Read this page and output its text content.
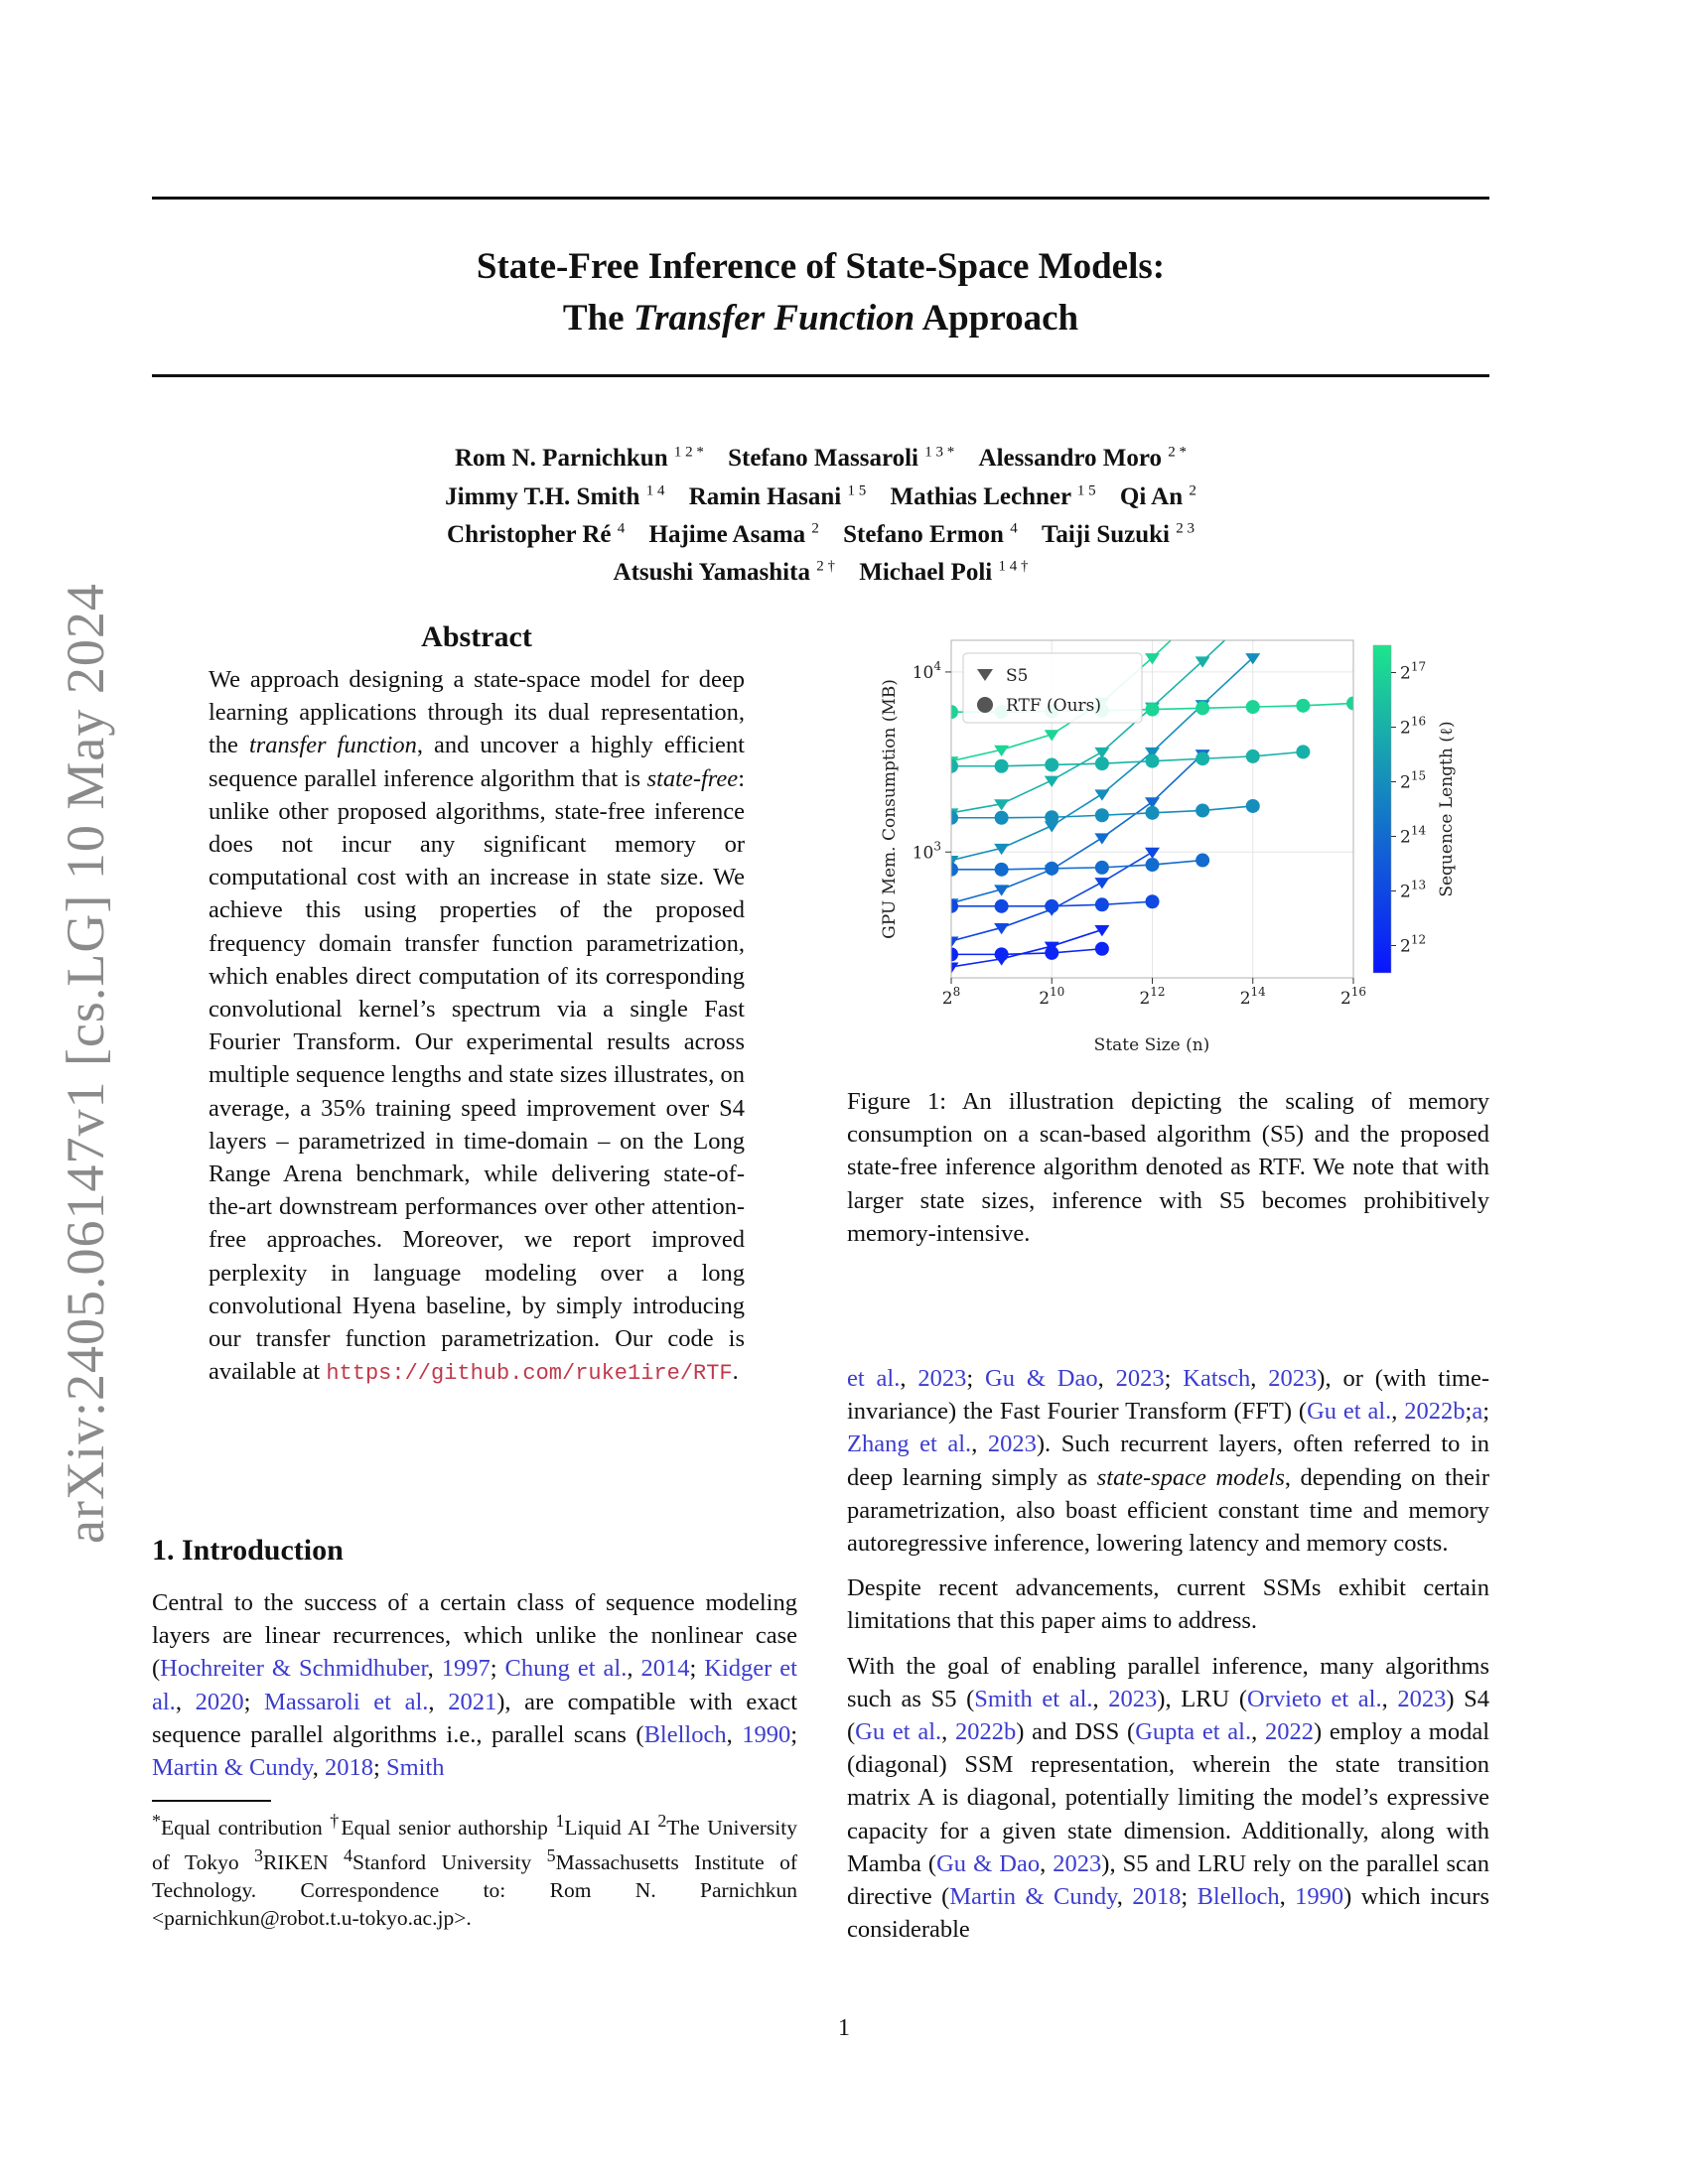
State-Free Inference of State-Space Models:
The Transfer Function Approach
Rom N. Parnichkun $^{1 2 *}$ Stefano Massaroli $^{1 3 *}$ Alessandro Moro $^{2 *}$
Jimmy T.H. Smith $^{1 4}$ Ramin Hasani $^{1 5}$ Mathias Lechner $^{1 5}$ Qi An $^2$
Christopher Ré $^4$ Hajime Asama $^2$ Stefano Ermon $^4$ Taiji Suzuki $^{2 3}$
Atsushi Yamashita $^{2 \dagger}$ Michael Poli $^{1 4 \dagger}$
arXiv:2405.06147v1 [cs.LG] 10 May 2024	Abstract
We approach designing a state-space model for deep learning applications through its dual representation, the transfer function, and uncover a highly efficient sequence parallel inference algorithm that is state-free: unlike other proposed algorithms, state-free inference does not incur any significant memory or computational cost with an increase in state size. We achieve this using properties of the proposed frequency domain transfer function parametrization, which enables direct computation of its corresponding convolutional kernel’s spectrum via a single Fast Fourier Transform. Our experimental results across multiple sequence lengths and state sizes illustrates, on average, a 35% training speed improvement over S4 layers – parametrized in time-domain – on the Long Range Arena benchmark, while delivering state-of-the-art downstream performances over other attention-free approaches. Moreover, we report improved perplexity in language modeling over a long convolutional Hyena baseline, by simply introducing our transfer function parametrization. Our code is available at https://github.com/ruke1ire/RTF.
1. Introduction

Central to the success of a certain class of sequence modeling layers are linear recurrences, which unlike the nonlinear case (Hochreiter & Schmidhuber, 1997; Chung et al., 2014; Kidger et al., 2020; Massaroli et al., 2021), are compatible with exact sequence parallel algorithms i.e., parallel scans (Blelloch, 1990; Martin & Cundy, 2018; Smith

*Equal contribution †Equal senior authorship $^1$Liquid AI $^2$The University of Tokyo $^3$RIKEN $^4$Stanford University $^5$Massachusetts Institute of Technology. Correspondence to: Rom N. Parnichkun <parnichkun@robot.t.u-tokyo.ac.jp>.
$2^8$	$2^{10}$	$2^{12}$	$2^{14}$	$2^{16}$
$10^3$
$10^4$
State Size (n)
GPU Mem. Consumption (MB)
S5
RTF (Ours)
$2^{12}$
$2^{13}$
$2^{14}$
$2^{15}$
$2^{16}$
$2^{17}$
Sequence Length (ℓ)
Figure 1: An illustration depicting the scaling of memory consumption on a scan-based algorithm (S5) and the proposed state-free inference algorithm denoted as RTF. We note that with larger state sizes, inference with S5 becomes prohibitively memory-intensive.

et al., 2023; Gu & Dao, 2023; Katsch, 2023), or (with time-invariance) the Fast Fourier Transform (FFT) (Gu et al., 2022b;a; Zhang et al., 2023). Such recurrent layers, often referred to in deep learning simply as state-space models, depending on their parametrization, also boast efficient constant time and memory autoregressive inference, lowering latency and memory costs.

Despite recent advancements, current SSMs exhibit certain limitations that this paper aims to address.

With the goal of enabling parallel inference, many algorithms such as S5 (Smith et al., 2023), LRU (Orvieto et al., 2023) S4 (Gu et al., 2022b) and DSS (Gupta et al., 2022) employ a modal (diagonal) SSM representation, wherein the state transition matrix A is diagonal, potentially limiting the model’s expressive capacity for a given state dimension. Additionally, along with Mamba (Gu & Dao, 2023), S5 and LRU rely on the parallel scan directive (Martin & Cundy, 2018; Blelloch, 1990) which incurs considerable

1
